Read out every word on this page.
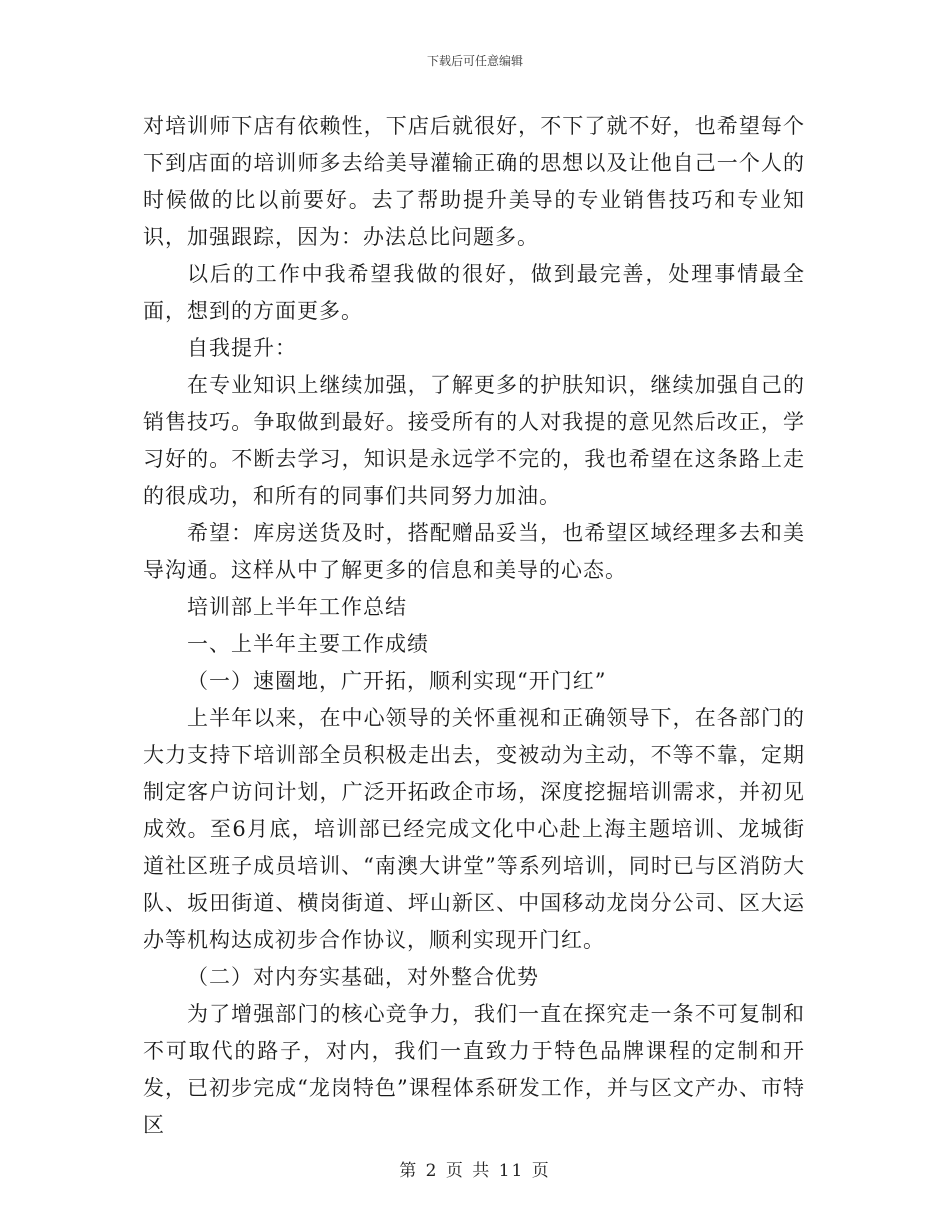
下载后可任意编辑

对培训师下店有依赖性，下店后就很好，不下了就不好，也希望每个下到店面的培训师多去给美导灌输正确的思想以及让他自己一个人的时候做的比以前要好。去了帮助提升美导的专业销售技巧和专业知识，加强跟踪，因为：办法总比问题多。

以后的工作中我希望我做的很好，做到最完善，处理事情最全面，想到的方面更多。

自我提升：

在专业知识上继续加强，了解更多的护肤知识，继续加强自己的销售技巧。争取做到最好。接受所有的人对我提的意见然后改正，学习好的。不断去学习，知识是永远学不完的，我也希望在这条路上走的很成功，和所有的同事们共同努力加油。

希望：库房送货及时，搭配赠品妥当，也希望区域经理多去和美导沟通。这样从中了解更多的信息和美导的心态。

培训部上半年工作总结

一、上半年主要工作成绩

（一）速圈地，广开拓，顺利实现“开门红”

上半年以来，在中心领导的关怀重视和正确领导下，在各部门的大力支持下培训部全员积极走出去，变被动为主动，不等不靠，定期制定客户访问计划，广泛开拓政企市场，深度挖掘培训需求，并初见成效。至6月底，培训部已经完成文化中心赴上海主题培训、龙城街道社区班子成员培训、“南澳大讲堂”等系列培训，同时已与区消防大队、坂田街道、横岗街道、坪山新区、中国移动龙岗分公司、区大运办等机构达成初步合作协议，顺利实现开门红。

（二）对内夯实基础，对外整合优势

为了增强部门的核心竞争力，我们一直在探究走一条不可复制和不可取代的路子，对内，我们一直致力于特色品牌课程的定制和开发，已初步完成“龙岗特色”课程体系研发工作，并与区文产办、市特区

第 2 页 共 11 页
